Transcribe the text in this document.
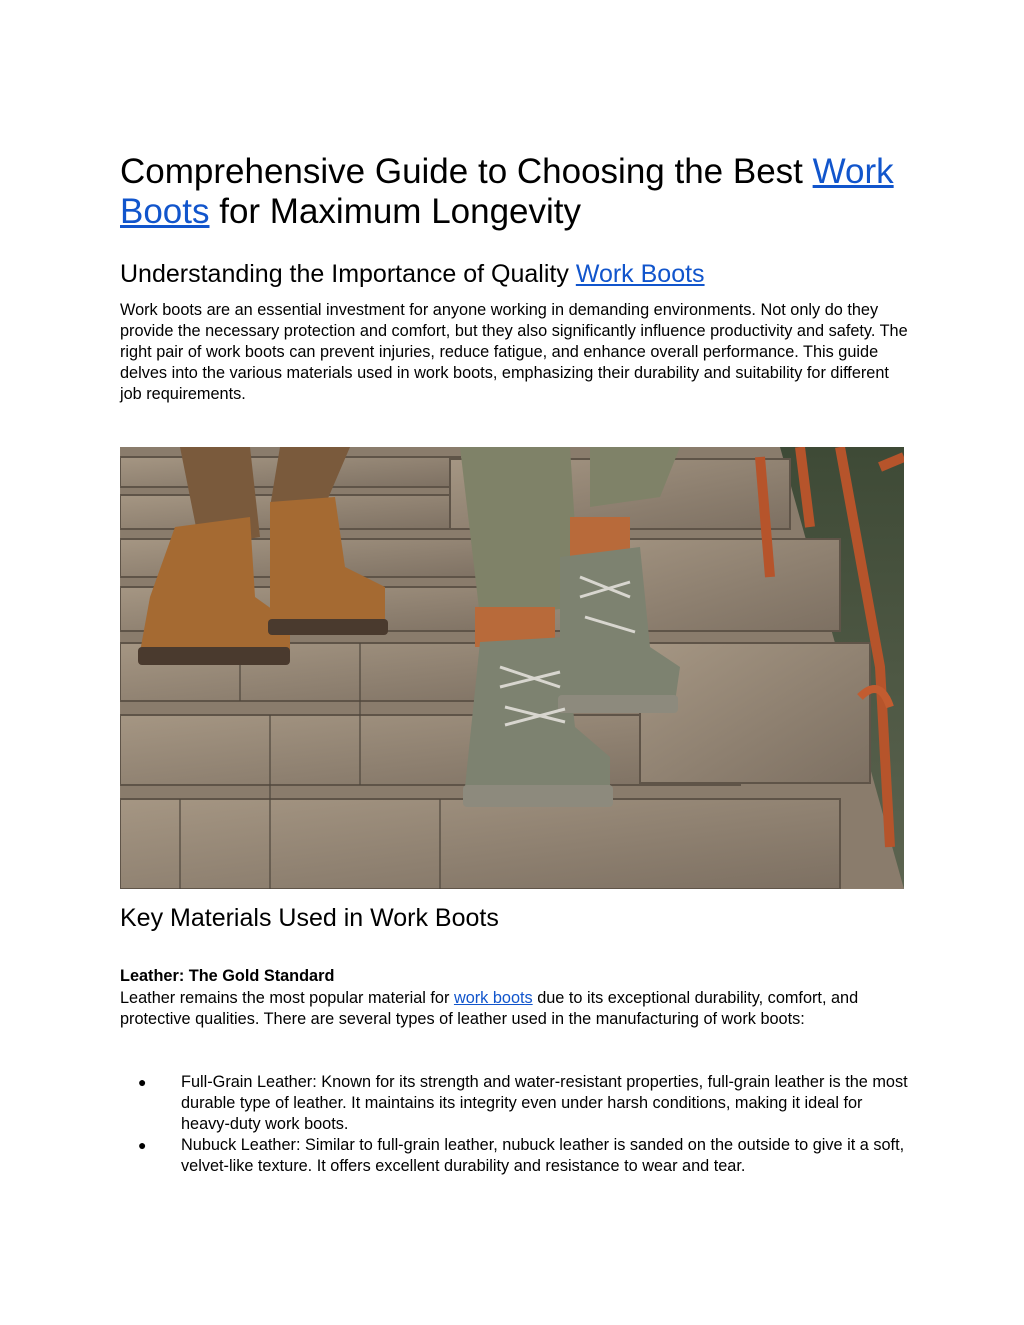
Comprehensive Guide to Choosing the Best Work Boots for Maximum Longevity
Understanding the Importance of Quality Work Boots

Work boots are an essential investment for anyone working in demanding environments. Not only do they provide the necessary protection and comfort, but they also significantly influence productivity and safety. The right pair of work boots can prevent injuries, reduce fatigue, and enhance overall performance. This guide delves into the various materials used in work boots, emphasizing their durability and suitability for different job requirements.

Key Materials Used in Work Boots

Leather: The Gold Standard

Leather remains the most popular material for work boots due to its exceptional durability, comfort, and protective qualities. There are several types of leather used in the manufacturing of work boots:

● Full-Grain Leather: Known for its strength and water-resistant properties, full-grain leather is the most durable type of leather. It maintains its integrity even under harsh conditions, making it ideal for heavy-duty work boots.
● Nubuck Leather: Similar to full-grain leather, nubuck leather is sanded on the outside to give it a soft, velvet-like texture. It offers excellent durability and resistance to wear and tear.
